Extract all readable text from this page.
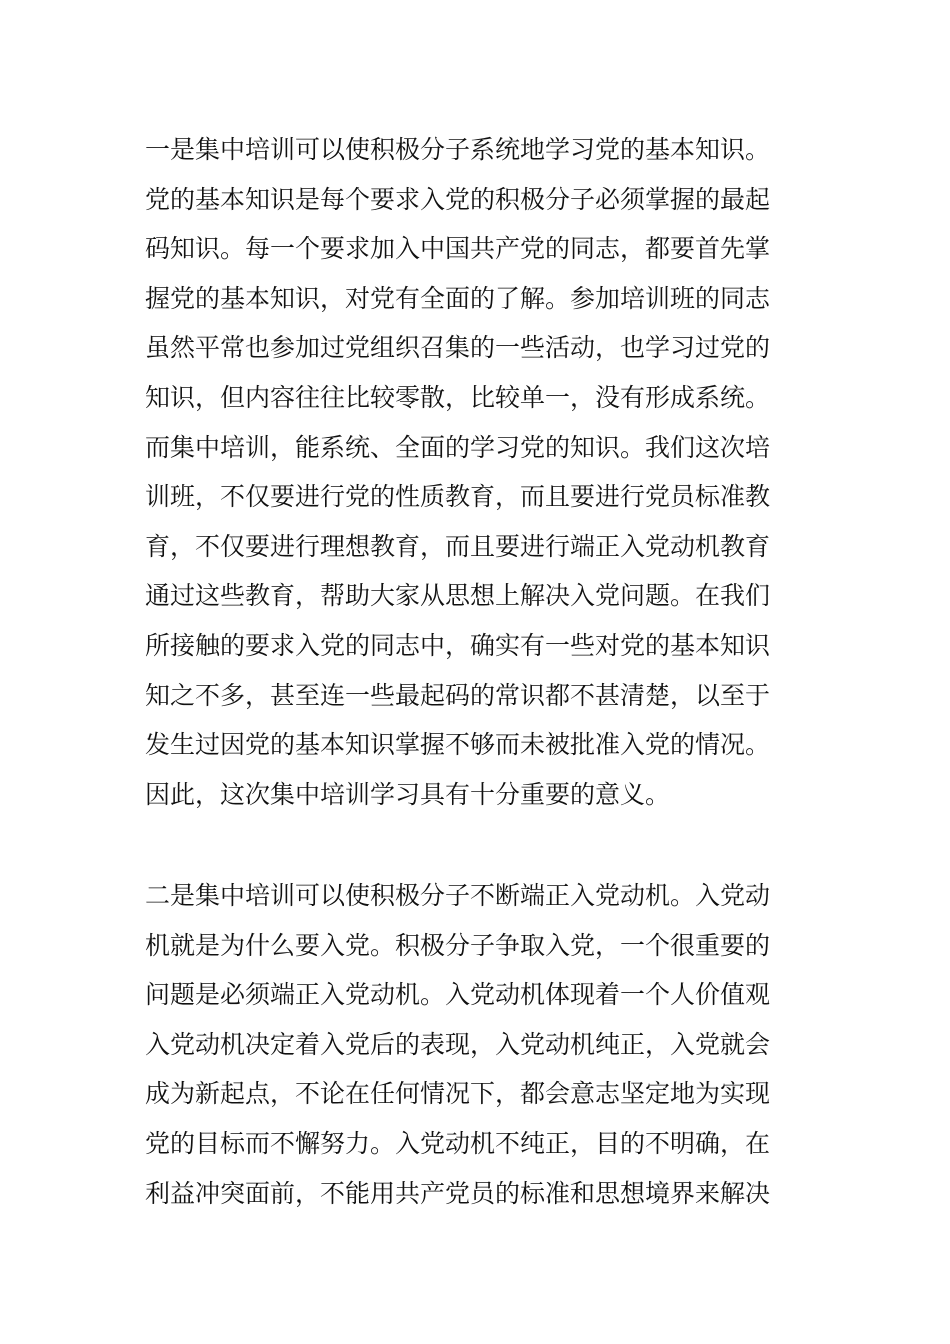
一是集中培训可以使积极分子系统地学习党的基本知识。
党的基本知识是每个要求入党的积极分子必须掌握的最起
码知识。每一个要求加入中国共产党的同志，都要首先掌
握党的基本知识，对党有全面的了解。参加培训班的同志
虽然平常也参加过党组织召集的一些活动，也学习过党的
知识，但内容往往比较零散，比较单一，没有形成系统。
而集中培训，能系统、全面的学习党的知识。我们这次培
训班，不仅要进行党的性质教育，而且要进行党员标准教
育，不仅要进行理想教育，而且要进行端正入党动机教育
通过这些教育，帮助大家从思想上解决入党问题。在我们
所接触的要求入党的同志中，确实有一些对党的基本知识
知之不多，甚至连一些最起码的常识都不甚清楚，以至于
发生过因党的基本知识掌握不够而未被批准入党的情况。
因此，这次集中培训学习具有十分重要的意义。
二是集中培训可以使积极分子不断端正入党动机。入党动
机就是为什么要入党。积极分子争取入党，一个很重要的
问题是必须端正入党动机。入党动机体现着一个人价值观
入党动机决定着入党后的表现，入党动机纯正，入党就会
成为新起点，不论在任何情况下，都会意志坚定地为实现
党的目标而不懈努力。入党动机不纯正，目的不明确，在
利益冲突面前，不能用共产党员的标准和思想境界来解决
